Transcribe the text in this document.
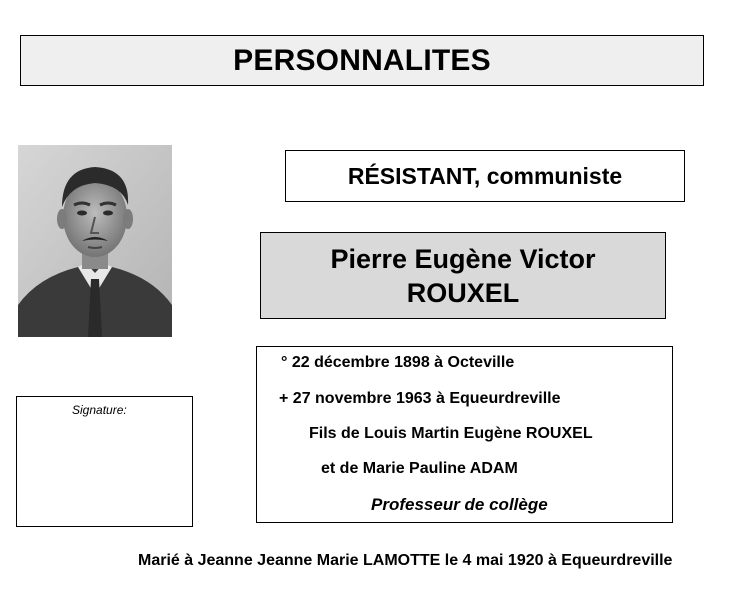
PERSONNALITES
RÉSISTANT, communiste
Pierre Eugène Victor
ROUXEL
° 22 décembre 1898 à Octeville
+ 27 novembre 1963 à Equeurdreville
Fils de Louis Martin Eugène ROUXEL
et de Marie Pauline ADAM
Professeur de collège
Signature:
Marié à Jeanne Jeanne Marie LAMOTTE le 4 mai 1920 à Equeurdreville
